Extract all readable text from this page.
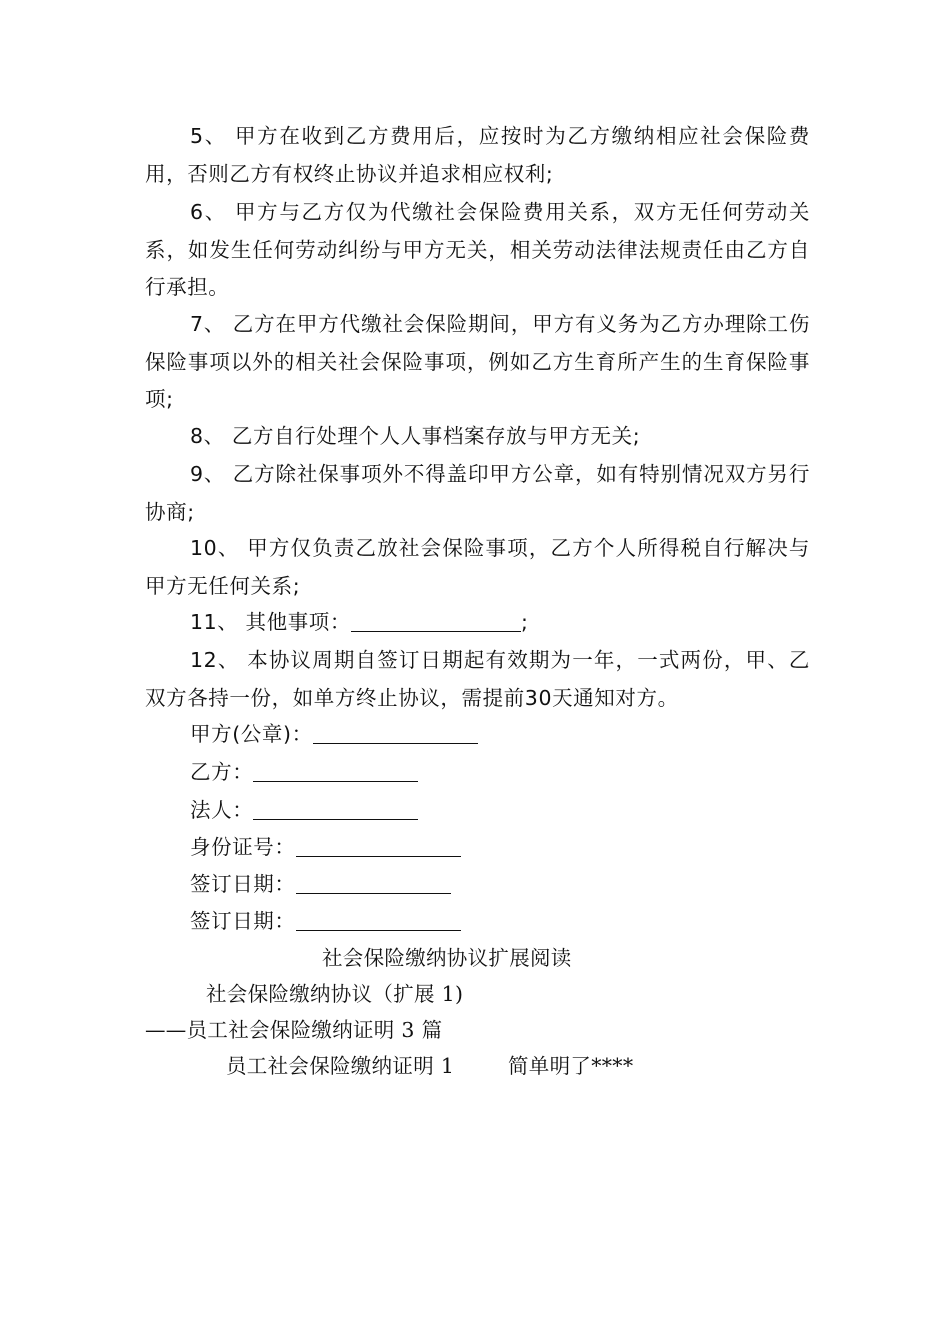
5、 甲方在收到乙方费用后，应按时为乙方缴纳相应社会保险费用，否则乙方有权终止协议并追求相应权利;
6、 甲方与乙方仅为代缴社会保险费用关系，双方无任何劳动关系，如发生任何劳动纠纷与甲方无关，相关劳动法律法规责任由乙方自行承担。
7、 乙方在甲方代缴社会保险期间，甲方有义务为乙方办理除工伤保险事项以外的相关社会保险事项，例如乙方生育所产生的生育保险事项;
8、 乙方自行处理个人人事档案存放与甲方无关;
9、 乙方除社保事项外不得盖印甲方公章，如有特别情况双方另行协商;
10、 甲方仅负责乙放社会保险事项，乙方个人所得税自行解决与甲方无任何关系;
11、 其他事项：	;
12、 本协议周期自签订日期起有效期为一年，一式两份，甲、乙双方各持一份，如单方终止协议，需提前30天通知对方。
甲方(公章)：
乙方：
法人：
身份证号：
签订日期：
签订日期：
社会保险缴纳协议扩展阅读
社会保险缴纳协议（扩展 1)
——员工社会保险缴纳证明 3 篇
员工社会保险缴纳证明 1	简单明了****
